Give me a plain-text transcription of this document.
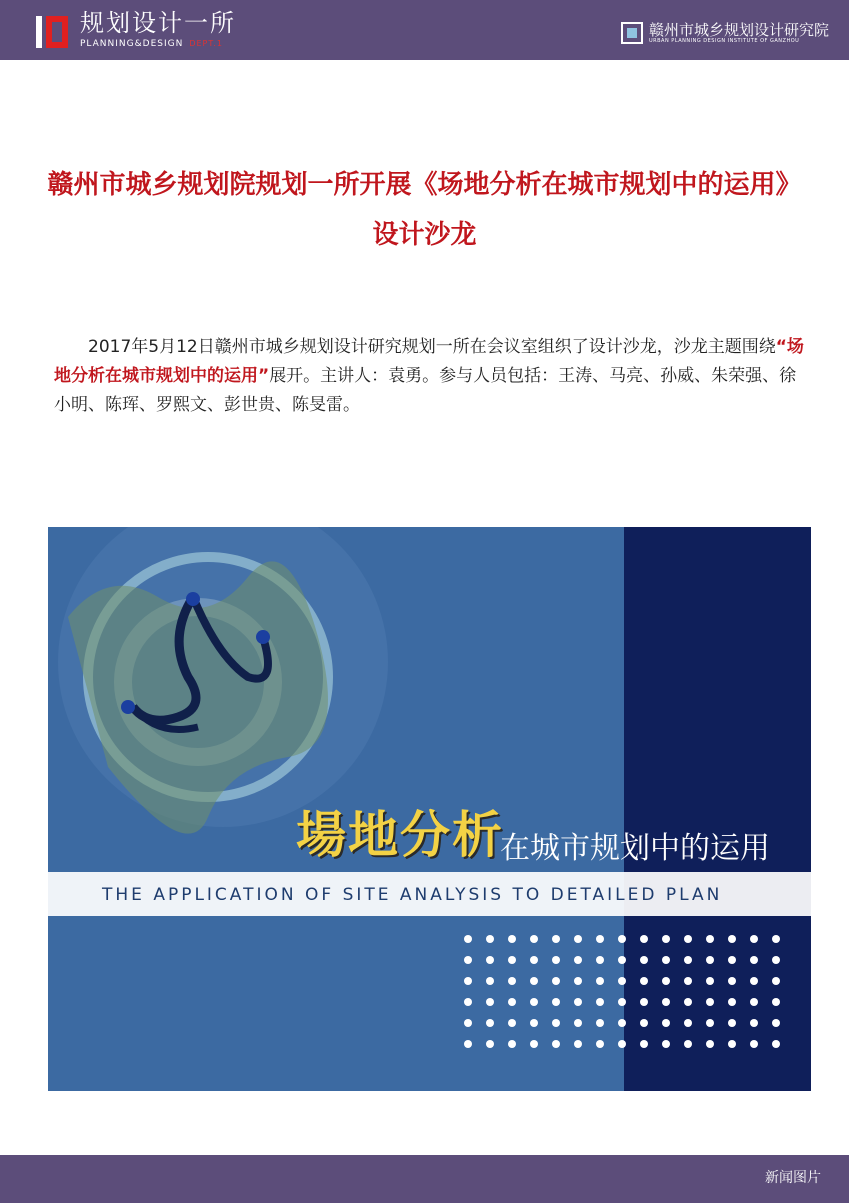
规划设计一所
PLANNING&DESIGN DEPT.1
赣州市城乡规划设计研究院
URBAN PLANNING DESIGN INSTITUTE OF GANZHOU
赣州市城乡规划院规划一所开展《场地分析在城市规划中的运用》设计沙龙
2017年5月12日赣州市城乡规划设计研究规划一所在会议室组织了设计沙龙，沙龙主题围绕“场地分析在城市规划中的运用”展开。主讲人：袁勇。参与人员包括：王涛、马亮、孙威、朱荣强、徐小明、陈珲、罗熙文、彭世贵、陈旻雷。
場地分析
在城市规划中的运用
THE APPLICATION OF SITE ANALYSIS TO DETAILED PLAN
新闻图片
